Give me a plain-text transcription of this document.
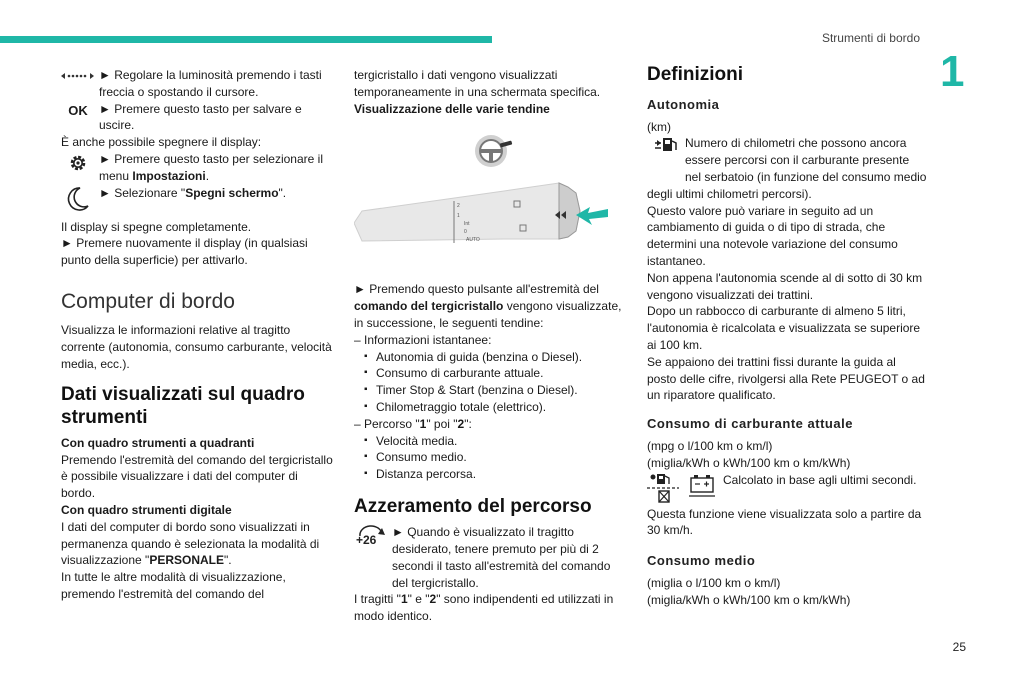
Strumenti di bordo
1
25

► Regolare la luminosità premendo i tasti freccia o spostando il cursore.

OK
►	Premere questo tasto per salvare e uscire.

È anche possibile spegnere il display:

► Premere questo tasto per selezionare il menu Impostazioni.

► Selezionare "Spegni schermo".

Il display si spegne completamente.

► Premere nuovamente il display (in qualsiasi punto della superficie) per attivarlo.

Computer di bordo

Visualizza le informazioni relative al tragitto corrente (autonomia, consumo carburante, velocità media, ecc.).

Dati visualizzati sul quadro strumenti

Con quadro strumenti a quadranti

Premendo l'estremità del comando del tergicristallo è possibile visualizzare i dati del computer di bordo.

Con quadro strumenti digitale

I dati del computer di bordo sono visualizzati in permanenza quando è selezionata la modalità di visualizzazione "PERSONALE".

In tutte le altre modalità di visualizzazione, premendo l'estremità del comando del

tergicristallo i dati vengono visualizzati temporaneamente in una schermata specifica.

Visualizzazione delle varie tendine

2
1
Int
0
AUTO

► Premendo questo pulsante all'estremità del comando del tergicristallo vengono visualizzate, in successione, le seguenti tendine:

– Informazioni istantanee:

▪ Autonomia di guida (benzina o Diesel).

▪ Consumo di carburante attuale.

▪ Timer Stop & Start (benzina o Diesel).

▪ Chilometraggio totale (elettrico).

– Percorso "1" poi "2":

▪ Velocità media.

▪ Consumo medio.

▪ Distanza percorsa.

Azzeramento del percorso

+26
► Quando è visualizzato il tragitto desiderato, tenere premuto per più di 2 secondi il tasto all'estremità del comando del tergicristallo.

I tragitti "1" e "2" sono indipendenti ed utilizzati in modo identico.

Definizioni

Autonomia

(km)

Numero di chilometri che possono ancora essere percorsi con il carburante presente nel serbatoio (in funzione del consumo medio degli ultimi chilometri percorsi).

Questo valore può variare in seguito ad un cambiamento di guida o di tipo di strada, che determini una notevole variazione del consumo istantaneo.

Non appena l'autonomia scende al di sotto di 30 km vengono visualizzati dei trattini.

Dopo un rabbocco di carburante di almeno 5 litri, l'autonomia è ricalcolata e visualizzata se superiore ai 100 km.

Se appaiono dei trattini fissi durante la guida al posto delle cifre, rivolgersi alla Rete PEUGEOT o ad un riparatore qualificato.

Consumo di carburante attuale

(mpg o l/100 km o km/l)

(miglia/kWh o kWh/100 km o km/kWh)

Calcolato in base agli ultimi secondi.

Questa funzione viene visualizzata solo a partire da 30 km/h.

Consumo medio

(miglia o l/100 km o km/l)

(miglia/kWh o kWh/100 km o km/kWh)
